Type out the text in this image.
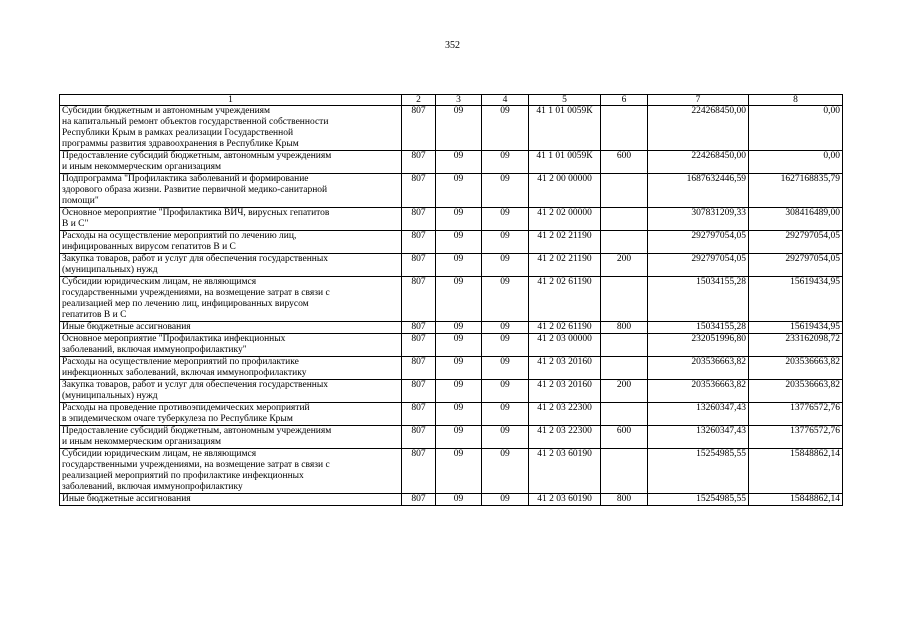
352
1	2	3	4	5	6	7	8

Субсидии бюджетным и автономным учреждениям
на капитальный ремонт объектов государственной собственности
Республики Крым в рамках реализации Государственной
программы развития здравоохранения в Республике Крым	807	09	09	41 1 01 0059К		224268450,00	0,00

Предоставление субсидий бюджетным, автономным учреждениям
и иным некоммерческим организациям	807	09	09	41 1 01 0059К	600	224268450,00	0,00

Подпрограмма "Профилактика заболеваний и формирование
здорового образа жизни. Развитие первичной медико-санитарной
помощи"	807	09	09	41 2 00 00000		1687632446,59	1627168835,79

Основное мероприятие "Профилактика ВИЧ, вирусных гепатитов
В и С"	807	09	09	41 2 02 00000		307831209,33	308416489,00

Расходы на осуществление мероприятий по лечению лиц,
инфицированных вирусом гепатитов В и С	807	09	09	41 2 02 21190		292797054,05	292797054,05

Закупка товаров, работ и услуг для обеспечения государственных
(муниципальных) нужд	807	09	09	41 2 02 21190	200	292797054,05	292797054,05

Субсидии юридическим лицам, не являющимся
государственными учреждениями, на возмещение затрат в связи с
реализацией мер по лечению лиц, инфицированных вирусом
гепатитов В и С	807	09	09	41 2 02 61190		15034155,28	15619434,95

Иные бюджетные ассигнования	807	09	09	41 2 02 61190	800	15034155,28	15619434,95

Основное мероприятие "Профилактика инфекционных
заболеваний, включая иммунопрофилактику"	807	09	09	41 2 03 00000		232051996,80	233162098,72

Расходы на осуществление мероприятий по профилактике
инфекционных заболеваний, включая иммунопрофилактику	807	09	09	41 2 03 20160		203536663,82	203536663,82

Закупка товаров, работ и услуг для обеспечения государственных
(муниципальных) нужд	807	09	09	41 2 03 20160	200	203536663,82	203536663,82

Расходы на проведение противоэпидемических мероприятий
в эпидемическом очаге туберкулеза по Республике Крым	807	09	09	41 2 03 22300		13260347,43	13776572,76

Предоставление субсидий бюджетным, автономным учреждениям
и иным некоммерческим организациям	807	09	09	41 2 03 22300	600	13260347,43	13776572,76

Субсидии юридическим лицам, не являющимся
государственными учреждениями, на возмещение затрат в связи с
реализацией мероприятий по профилактике инфекционных
заболеваний, включая иммунопрофилактику	807	09	09	41 2 03 60190		15254985,55	15848862,14

Иные бюджетные ассигнования	807	09	09	41 2 03 60190	800	15254985,55	15848862,14
